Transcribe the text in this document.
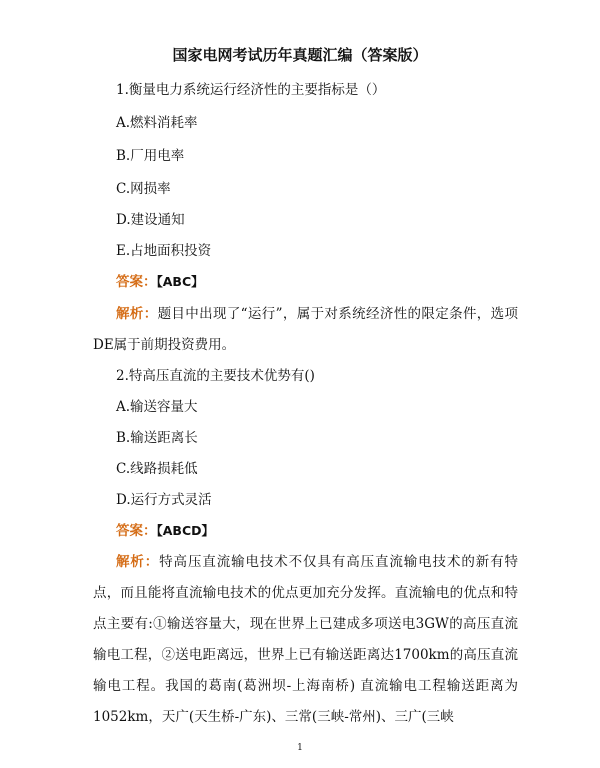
国家电网考试历年真题汇编（答案版）
1.衡量电力系统运行经济性的主要指标是（）
A.燃料消耗率
B.厂用电率
C.网损率
D.建设通知
E.占地面积投资
答案：【ABC】
解析：题目中出现了“运行”，属于对系统经济性的限定条件，选项DE属于前期投资费用。
2.特高压直流的主要技术优势有()
A.输送容量大
B.输送距离长
C.线路损耗低
D.运行方式灵活
答案：【ABCD】
解析：特高压直流输电技术不仅具有高压直流输电技术的新有特点，而且能将直流输电技术的优点更加充分发挥。直流输电的优点和特点主要有:①输送容量大，现在世界上已建成多项送电3GW的高压直流输电工程，②送电距离远，世界上已有输送距离达1700km的高压直流输电工程。我国的葛南(葛洲坝-上海南桥) 直流输电工程输送距离为1052km，天广(天生桥-广东)、三常(三峡-常州)、三广(三峡
1
